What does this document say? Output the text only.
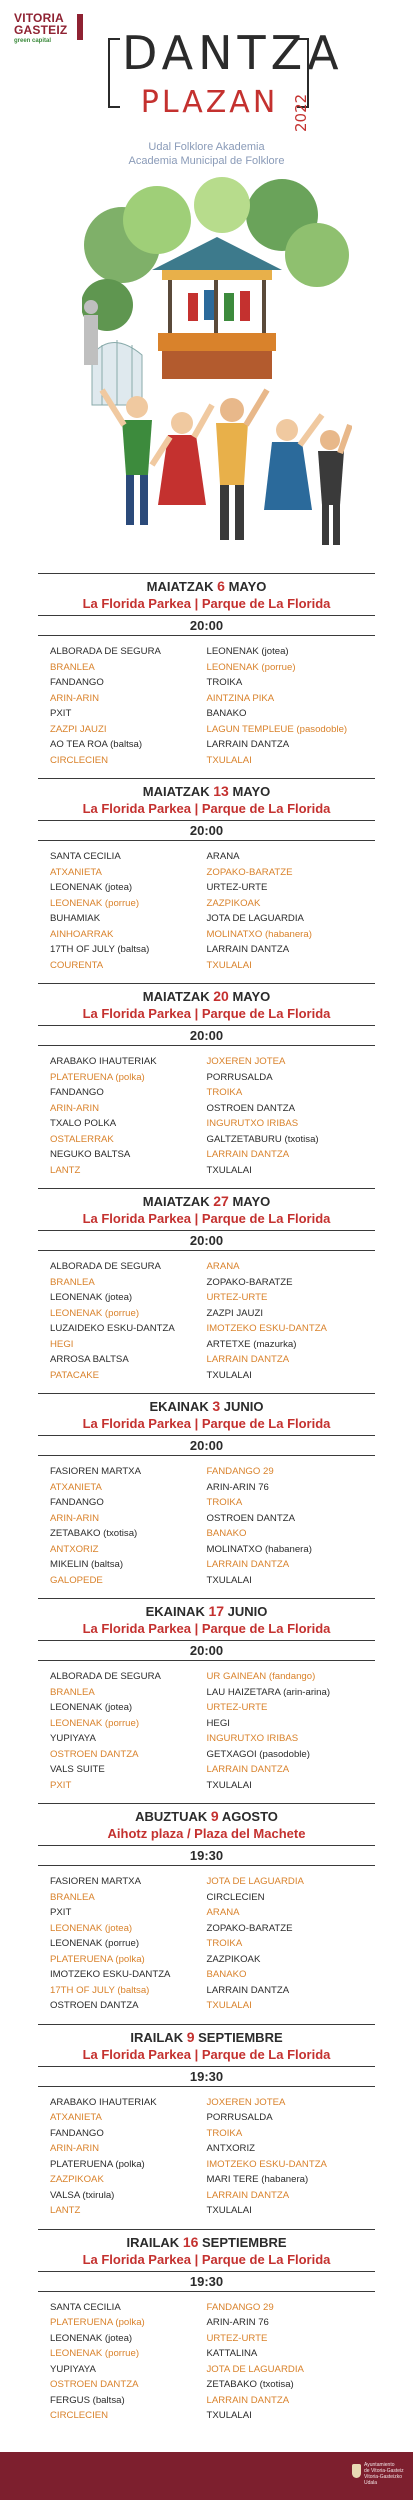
VITORIA
GASTEIZ
green capital	DANTZA
PLAZAN 2022
Udal Folklore Akademia
Academia Municipal de Folklore
MAIATZAK 6 MAYO
La Florida Parkea | Parque de La Florida
20:00
ALBORADA DE SEGURA
BRANLEA
FANDANGO
ARIN-ARIN
PXIT
ZAZPI JAUZI
AO TEA ROA (baltsa)
CIRCLECIEN
LEONENAK (jotea)
LEONENAK (porrue)
TROIKA
AINTZINA PIKA
BANAKO
LAGUN TEMPLEUE (pasodoble)
LARRAIN DANTZA
TXULALAI
MAIATZAK 13 MAYO
La Florida Parkea | Parque de La Florida
20:00
SANTA CECILIA
ATXANIETA
LEONENAK (jotea)
LEONENAK (porrue)
BUHAMIAK
AINHOARRAK
17TH OF JULY (baltsa)
COURENTA
ARANA
ZOPAKO-BARATZE
URTEZ-URTE
ZAZPIKOAK
JOTA DE LAGUARDIA
MOLINATXO (habanera)
LARRAIN DANTZA
TXULALAI
MAIATZAK 20 MAYO
La Florida Parkea | Parque de La Florida
20:00
ARABAKO IHAUTERIAK
PLATERUENA (polka)
FANDANGO
ARIN-ARIN
TXALO POLKA
OSTALERRAK
NEGUKO BALTSA
LANTZ
JOXEREN JOTEA
PORRUSALDA
TROIKA
OSTROEN DANTZA
INGURUTXO IRIBAS
GALTZETABURU (txotisa)
LARRAIN DANTZA
TXULALAI
MAIATZAK 27 MAYO
La Florida Parkea | Parque de La Florida
20:00
ALBORADA DE SEGURA
BRANLEA
LEONENAK (jotea)
LEONENAK (porrue)
LUZAIDEKO ESKU-DANTZA
HEGI
ARROSA BALTSA
PATACAKE
ARANA
ZOPAKO-BARATZE
URTEZ-URTE
ZAZPI JAUZI
IMOTZEKO ESKU-DANTZA
ARTETXE (mazurka)
LARRAIN DANTZA
TXULALAI
EKAINAK 3 JUNIO
La Florida Parkea | Parque de La Florida
20:00
FASIOREN MARTXA
ATXANIETA
FANDANGO
ARIN-ARIN
ZETABAKO (txotisa)
ANTXORIZ
MIKELIN (baltsa)
GALOPEDE
FANDANGO 29
ARIN-ARIN 76
TROIKA
OSTROEN DANTZA
BANAKO
MOLINATXO (habanera)
LARRAIN DANTZA
TXULALAI
EKAINAK 17 JUNIO
La Florida Parkea | Parque de La Florida
20:00
ALBORADA DE SEGURA
BRANLEA
LEONENAK (jotea)
LEONENAK (porrue)
YUPIYAYA
OSTROEN DANTZA
VALS SUITE
PXIT
UR GAINEAN (fandango)
LAU HAIZETARA (arin-arina)
URTEZ-URTE
HEGI
INGURUTXO IRIBAS
GETXAGOI (pasodoble)
LARRAIN DANTZA
TXULALAI
ABUZTUAK 9 AGOSTO
Aihotz plaza / Plaza del Machete
19:30
FASIOREN MARTXA
BRANLEA
PXIT
LEONENAK (jotea)
LEONENAK (porrue)
PLATERUENA (polka)
IMOTZEKO ESKU-DANTZA
17TH OF JULY (baltsa)
OSTROEN DANTZA
JOTA DE LAGUARDIA
CIRCLECIEN
ARANA
ZOPAKO-BARATZE
TROIKA
ZAZPIKOAK
BANAKO
LARRAIN DANTZA
TXULALAI
IRAILAK 9 SEPTIEMBRE
La Florida Parkea | Parque de La Florida
19:30
ARABAKO IHAUTERIAK
ATXANIETA
FANDANGO
ARIN-ARIN
PLATERUENA (polka)
ZAZPIKOAK
VALSA (txirula)
LANTZ
JOXEREN JOTEA
PORRUSALDA
TROIKA
ANTXORIZ
IMOTZEKO ESKU-DANTZA
MARI TERE (habanera)
LARRAIN DANTZA
TXULALAI
IRAILAK 16 SEPTIEMBRE
La Florida Parkea | Parque de La Florida
19:30
SANTA CECILIA
PLATERUENA (polka)
LEONENAK (jotea)
LEONENAK (porrue)
YUPIYAYA
OSTROEN DANTZA
FERGUS (baltsa)
CIRCLECIEN
FANDANGO 29
ARIN-ARIN 76
URTEZ-URTE
KATTALINA
JOTA DE LAGUARDIA
ZETABAKO (txotisa)
LARRAIN DANTZA
TXULALAI
Ayuntamiento
de Vitoria-Gasteiz
Vitoria-Gasteizko
Udala
